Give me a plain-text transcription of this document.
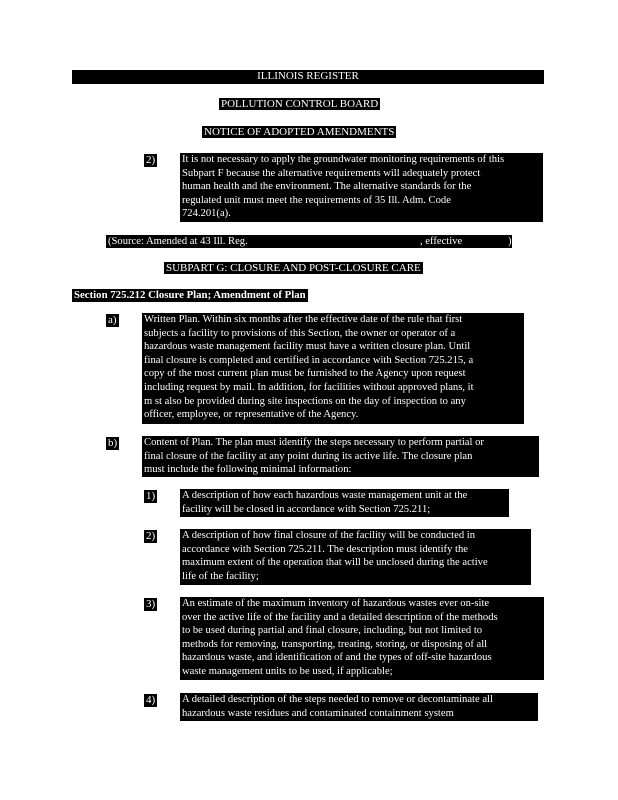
ILLINOIS REGISTER
POLLUTION CONTROL BOARD
NOTICE OF ADOPTED AMENDMENTS
2)	It is not necessary to apply the groundwater monitoring requirements of this
Subpart F because the alternative requirements will adequately protect
human health and the environment. The alternative standards for the
regulated unit must meet the requirements of 35 Ill. Adm. Code
724.201(a).
(Source: Amended at 43 Ill. Reg.	, effective	)
SUBPART G: CLOSURE AND POST-CLOSURE CARE
Section 725.212 Closure Plan; Amendment of Plan
a)	Written Plan. Within six months after the effective date of the rule that first
subjects a facility to provisions of this Section, the owner or operator of a
hazardous waste management facility must have a written closure plan. Until
final closure is completed and certified in accordance with Section 725.215, a
copy of the most current plan must be furnished to the Agency upon request
including request by mail. In addition, for facilities without approved plans, it
m st also be provided during site inspections on the day of inspection to any
officer, employee, or representative of the Agency.
b)	Content of Plan. The plan must identify the steps necessary to perform partial or
final closure of the facility at any point during its active life. The closure plan
must include the following minimal information:
1)	A description of how each hazardous waste management unit at the
facility will be closed in accordance with Section 725.211;
2)	A description of how final closure of the facility will be conducted in
accordance with Section 725.211. The description must identify the
maximum extent of the operation that will be unclosed during the active
life of the facility;
3)	An estimate of the maximum inventory of hazardous wastes ever on-site
over the active life of the facility and a detailed description of the methods
to be used during partial and final closure, including, but not limited to
methods for removing, transporting, treating, storing, or disposing of all
hazardous waste, and identification of and the types of off-site hazardous
waste management units to be used, if applicable;
4)	A detailed description of the steps needed to remove or decontaminate all
hazardous waste residues and contaminated containment system
